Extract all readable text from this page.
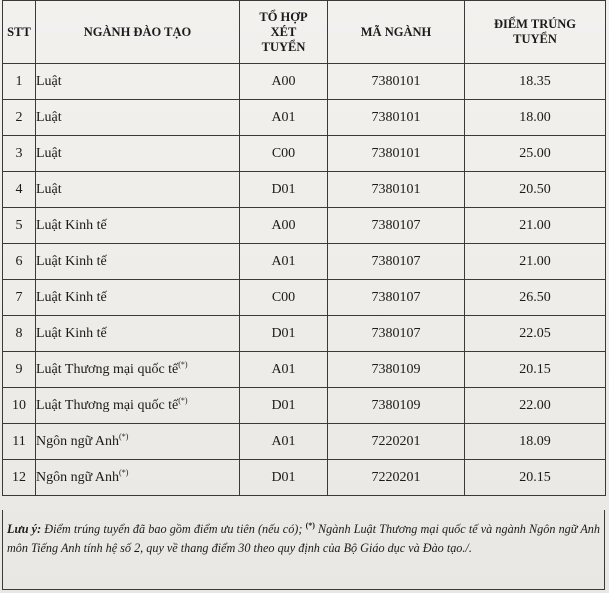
STT	NGÀNH ĐÀO TẠO	TỔ HỢP XÉT TUYỂN	MÃ NGÀNH	ĐIỂM TRÚNG TUYỂN
1	Luật	A00	7380101	18.35
2	Luật	A01	7380101	18.00
3	Luật	C00	7380101	25.00
4	Luật	D01	7380101	20.50
5	Luật Kinh tế	A00	7380107	21.00
6	Luật Kinh tế	A01	7380107	21.00
7	Luật Kinh tế	C00	7380107	26.50
8	Luật Kinh tế	D01	7380107	22.05
9	Luật Thương mại quốc tế(*)	A01	7380109	20.15
10	Luật Thương mại quốc tế(*)	D01	7380109	22.00
11	Ngôn ngữ Anh(*)	A01	7220201	18.09
12	Ngôn ngữ Anh(*)	D01	7220201	20.15
Lưu ý: Điểm trúng tuyển đã bao gồm điểm ưu tiên (nếu có); (*) Ngành Luật Thương mại quốc tế và ngành Ngôn ngữ Anh môn Tiếng Anh tính hệ số 2, quy về thang điểm 30 theo quy định của Bộ Giáo dục và Đào tạo./.
